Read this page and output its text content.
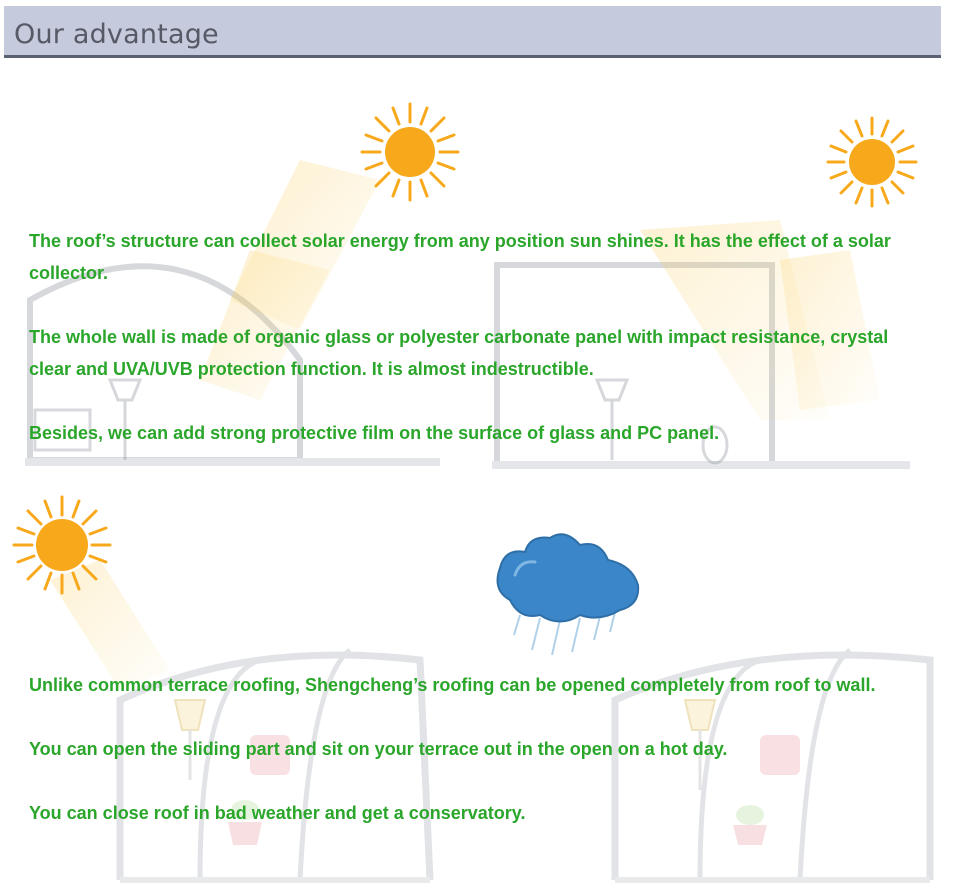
Our advantage

The roof’s structure can collect solar energy from any position sun shines. It has the effect of a solar collector.

The whole wall is made of organic glass or polyester carbonate panel with impact resistance, crystal clear and UVA/UVB protection function. It is almost indestructible.

Besides, we can add strong protective film on the surface of glass and PC panel.

Unlike common terrace roofing, Shengcheng’s roofing can be opened completely from roof to wall.

You can open the sliding part and sit on your terrace out in the open on a hot day.

You can close roof in bad weather and get a conservatory.
